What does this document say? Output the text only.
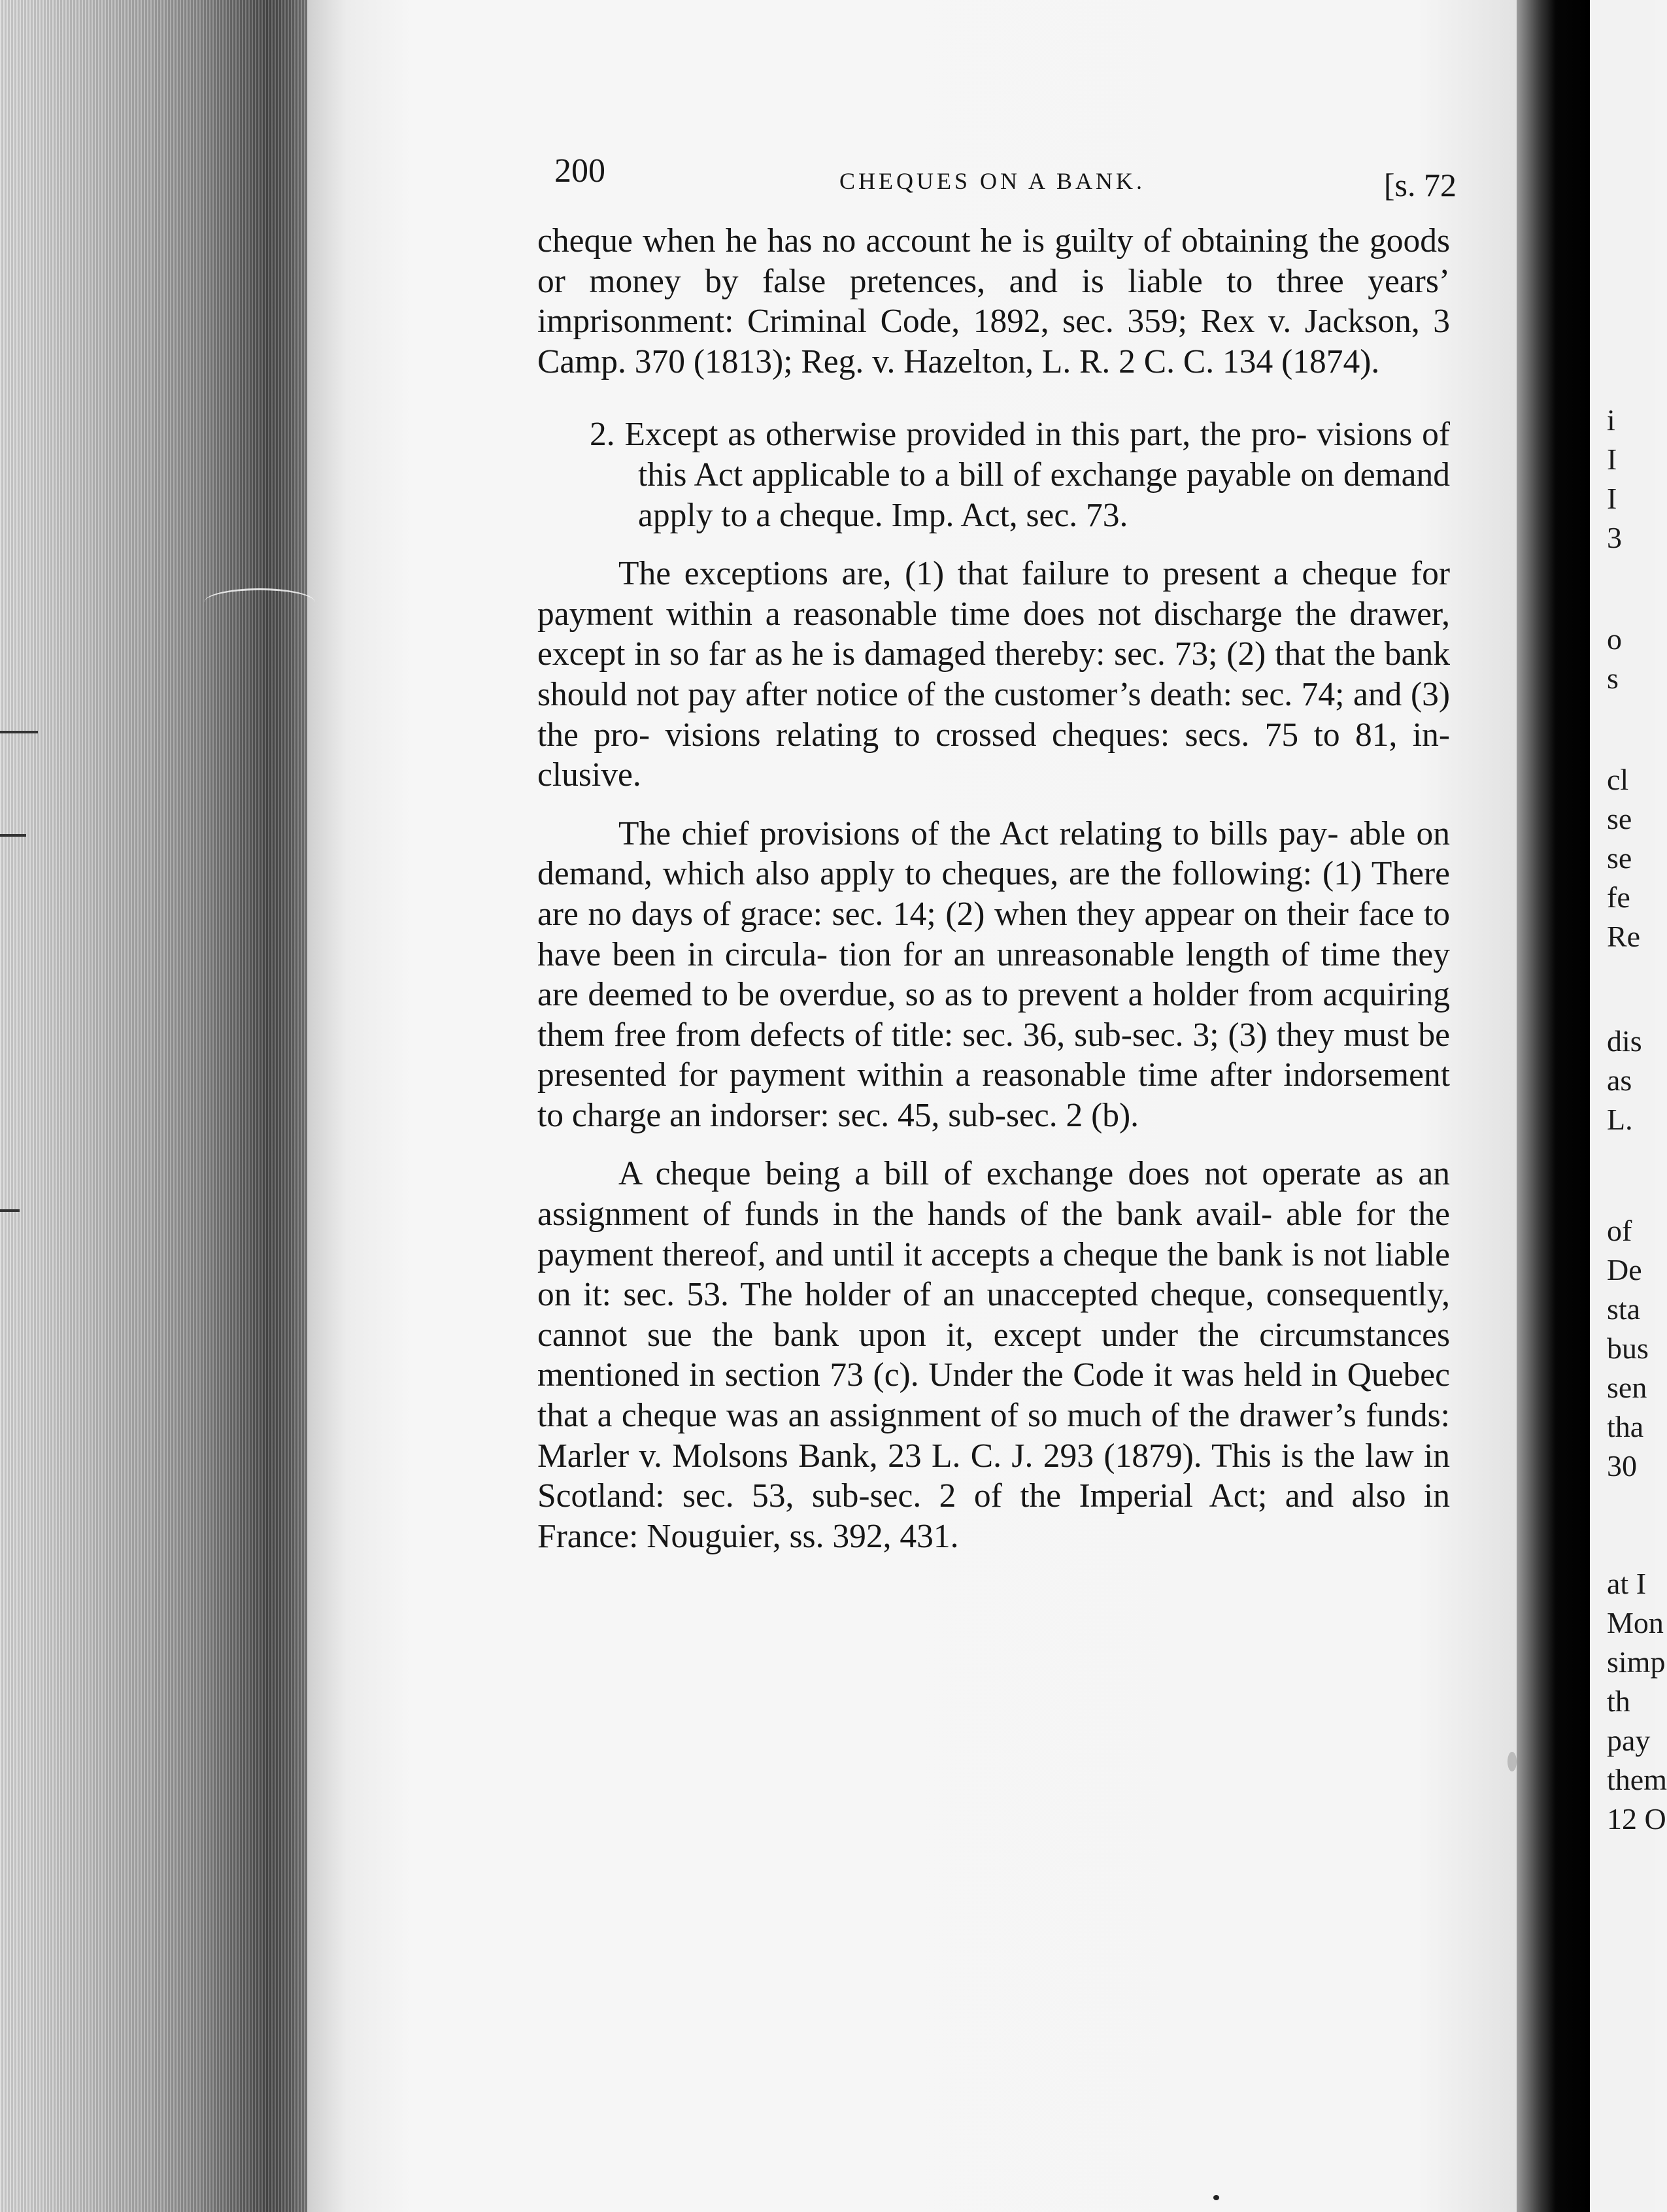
i
I
I
3
o
s
cl
se
se
fe
Re
dis
as
L.
of
De
sta
bus
sen
tha
30
at I
Mon
simp
th
pay
them
12 O
200	CHEQUES ON A BANK.	[s. 72

cheque when he has no account he is guilty of obtaining the goods or money by false pretences, and is liable to three years’ imprisonment: Criminal Code, 1892, sec. 359; Rex v. Jackson, 3 Camp. 370 (1813); Reg. v. Hazelton, L. R. 2 C. C. 134 (1874).

2. Except as otherwise provided in this part, the pro- visions of this Act applicable to a bill of exchange payable on demand apply to a cheque. Imp. Act, sec. 73.

The exceptions are, (1) that failure to present a cheque for payment within a reasonable time does not discharge the drawer, except in so far as he is damaged thereby: sec. 73; (2) that the bank should not pay after notice of the customer’s death: sec. 74; and (3) the pro- visions relating to crossed cheques: secs. 75 to 81, in- clusive.

The chief provisions of the Act relating to bills pay- able on demand, which also apply to cheques, are the following: (1) There are no days of grace: sec. 14; (2) when they appear on their face to have been in circula- tion for an unreasonable length of time they are deemed to be overdue, so as to prevent a holder from acquiring them free from defects of title: sec. 36, sub-sec. 3; (3) they must be presented for payment within a reasonable time after indorsement to charge an indorser: sec. 45, sub-sec. 2 (b).

A cheque being a bill of exchange does not operate as an assignment of funds in the hands of the bank avail- able for the payment thereof, and until it accepts a cheque the bank is not liable on it: sec. 53. The holder of an unaccepted cheque, consequently, cannot sue the bank upon it, except under the circumstances mentioned in section 73 (c). Under the Code it was held in Quebec that a cheque was an assignment of so much of the drawer’s funds: Marler v. Molsons Bank, 23 L. C. J. 293 (1879). This is the law in Scotland: sec. 53, sub-sec. 2 of the Imperial Act; and also in France: Nouguier, ss. 392, 431.
